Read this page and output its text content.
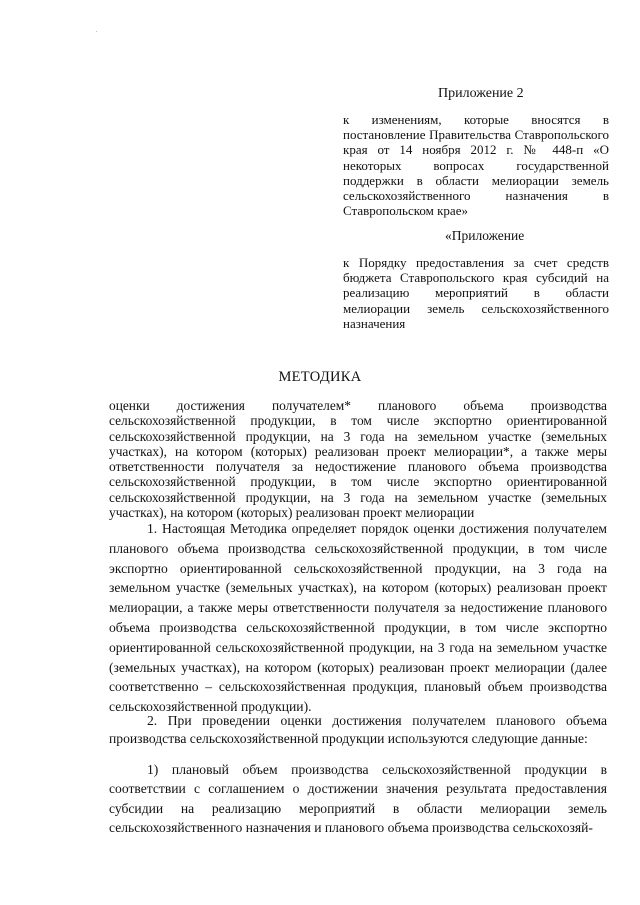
Приложение 2
к изменениям, которые вносятся в постановление Правительства Ставропольского края от 14 ноября 2012 г. № 448-п «О некоторых вопросах государственной поддержки в области мелиорации земель сельскохозяйственного назначения в Ставропольском крае»
«Приложение
к Порядку предоставления за счет средств бюджета Ставропольского края субсидий на реализацию мероприятий в области мелиорации земель сельскохозяйственного назначения
МЕТОДИКА
оценки достижения получателем* планового объема производства сельскохозяйственной продукции, в том числе экспортно ориентированной сельскохозяйственной продукции, на 3 года на земельном участке (земельных участках), на котором (которых) реализован проект мелиорации*, а также меры ответственности получателя за недостижение планового объема производства сельскохозяйственной продукции, в том числе экспортно ориентированной сельскохозяйственной продукции, на 3 года на земельном участке (земельных участках), на котором (которых) реализован проект мелиорации
1. Настоящая Методика определяет порядок оценки достижения получателем планового объема производства сельскохозяйственной продукции, в том числе экспортно ориентированной сельскохозяйственной продукции, на 3 года на земельном участке (земельных участках), на котором (которых) реализован проект мелиорации, а также меры ответственности получателя за недостижение планового объема производства сельскохозяйственной продукции, в том числе экспортно ориентированной сельскохозяйственной продукции, на 3 года на земельном участке (земельных участках), на котором (которых) реализован проект мелиорации (далее соответственно – сельскохозяйственная продукция, плановый объем производства сельскохозяйственной продукции).
2. При проведении оценки достижения получателем планового объема производства сельскохозяйственной продукции используются следующие данные:
1) плановый объем производства сельскохозяйственной продукции в соответствии с соглашением о достижении значения результата предоставления субсидии на реализацию мероприятий в области мелиорации земель сельскохозяйственного назначения и планового объема производства сельскохозяй-
